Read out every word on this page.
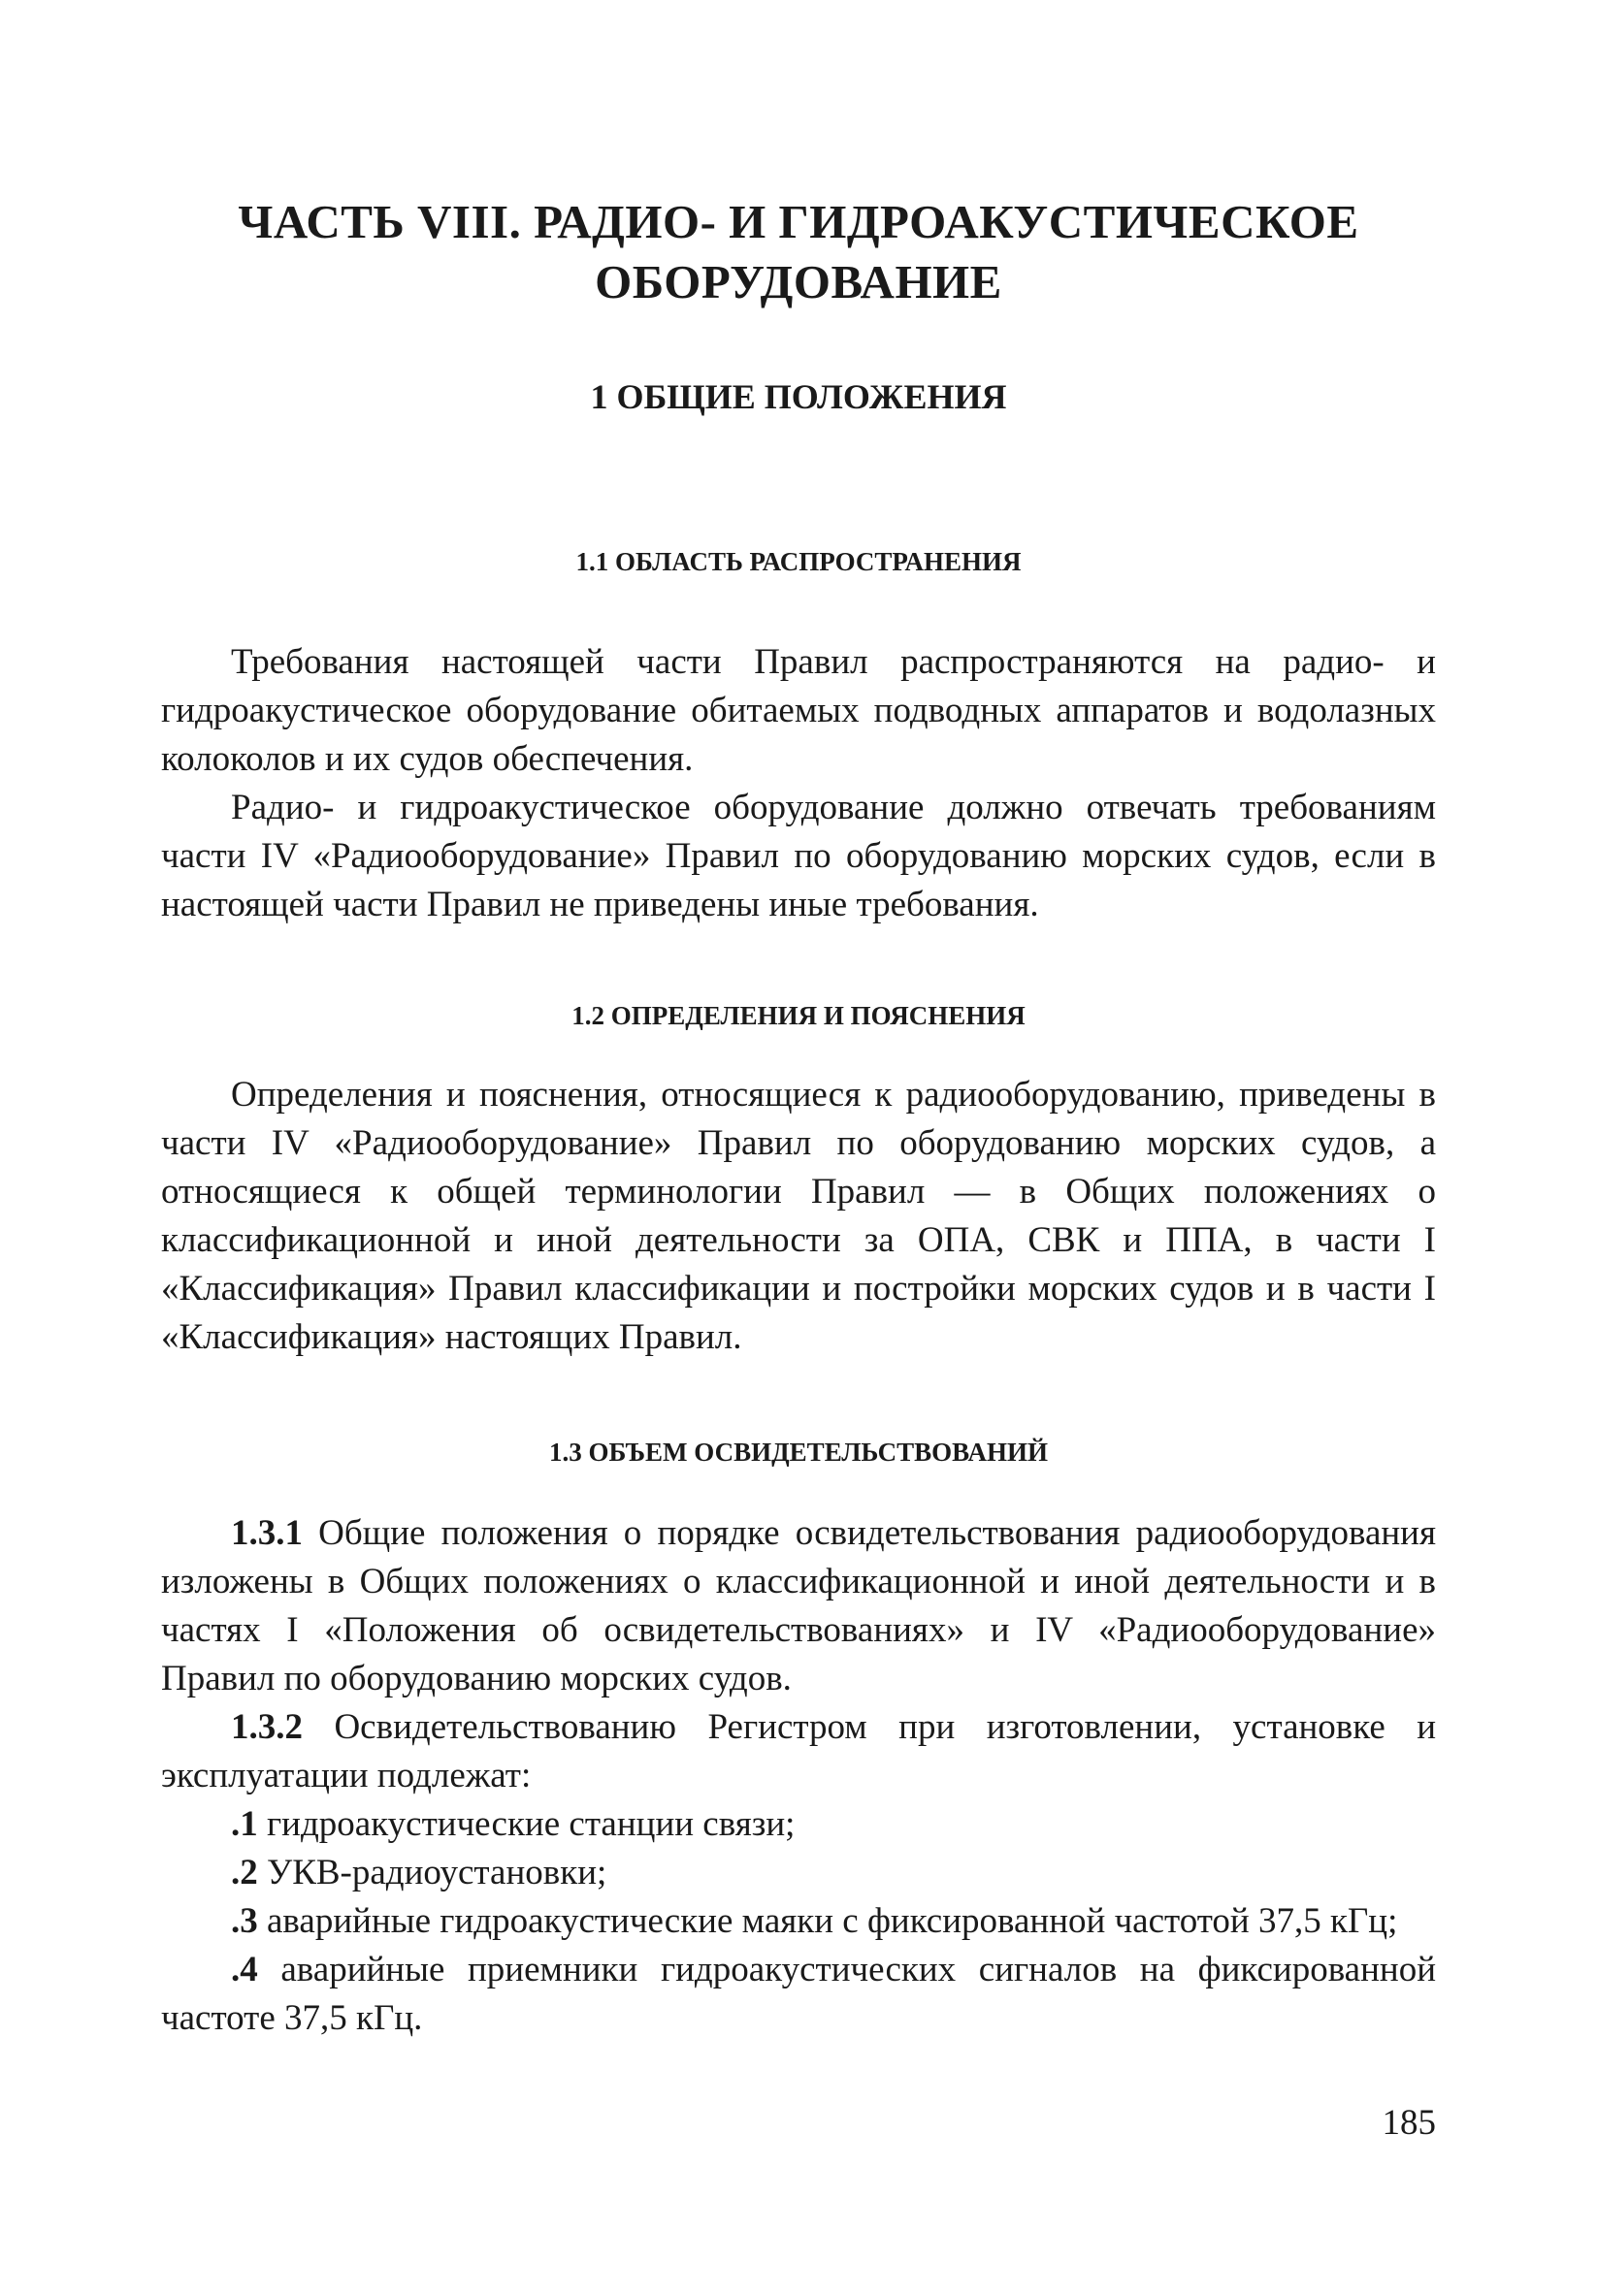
ЧАСТЬ VIII. РАДИО- И ГИДРОАКУСТИЧЕСКОЕ
ОБОРУДОВАНИЕ
1 ОБЩИЕ ПОЛОЖЕНИЯ
1.1 ОБЛАСТЬ РАСПРОСТРАНЕНИЯ

Требования настоящей части Правил распространяются на радио- и гидроакустическое оборудование обитаемых подводных аппаратов и водолазных колоколов и их судов обеспечения.

Радио- и гидроакустическое оборудование должно отвечать требованиям части IV «Радиооборудование» Правил по оборудованию морских судов, если в настоящей части Правил не приведены иные требования.

1.2 ОПРЕДЕЛЕНИЯ И ПОЯСНЕНИЯ

Определения и пояснения, относящиеся к радиооборудованию, приведены в части IV «Радиооборудование» Правил по оборудованию морских судов, а относящиеся к общей терминологии Правил — в Общих положениях о классификационной и иной деятельности за ОПА, СВК и ППА, в части I «Классификация» Правил классификации и постройки морских судов и в части I «Классификация» настоящих Правил.

1.3 ОБЪЕМ ОСВИДЕТЕЛЬСТВОВАНИЙ

1.3.1 Общие положения о порядке освидетельствования радиооборудования изложены в Общих положениях о классификационной и иной деятельности и в частях I «Положения об освидетельствованиях» и IV «Радиооборудование» Правил по оборудованию морских судов.

1.3.2 Освидетельствованию Регистром при изготовлении, установке и эксплуатации подлежат:

.1 гидроакустические станции связи;

.2 УКВ-радиоустановки;

.3 аварийные гидроакустические маяки с фиксированной частотой 37,5 кГц;

.4 аварийные приемники гидроакустических сигналов на фиксированной частоте 37,5 кГц.

185
